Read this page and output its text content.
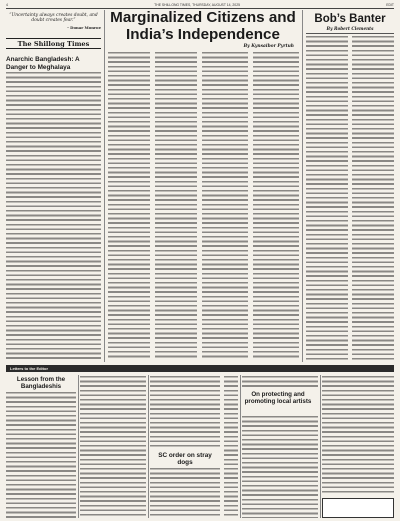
4	THE SHILLONG TIMES, THURSDAY, AUGUST 14, 2025	EDIT
“Uncertainty always creates doubt, and doubt creates fear.”
- Donar Monroe
The Shillong Times
Anarchic Bangladesh: A Danger to Meghalaya
Marginalized Citizens and India’s Independence
By Kynsaibor Pyrtuh
Bob’s Banter
By Robert Clements
Letters to the Editor
Lesson from the Bangladeshis
SC order on stray dogs
On protecting and promoting local artists
